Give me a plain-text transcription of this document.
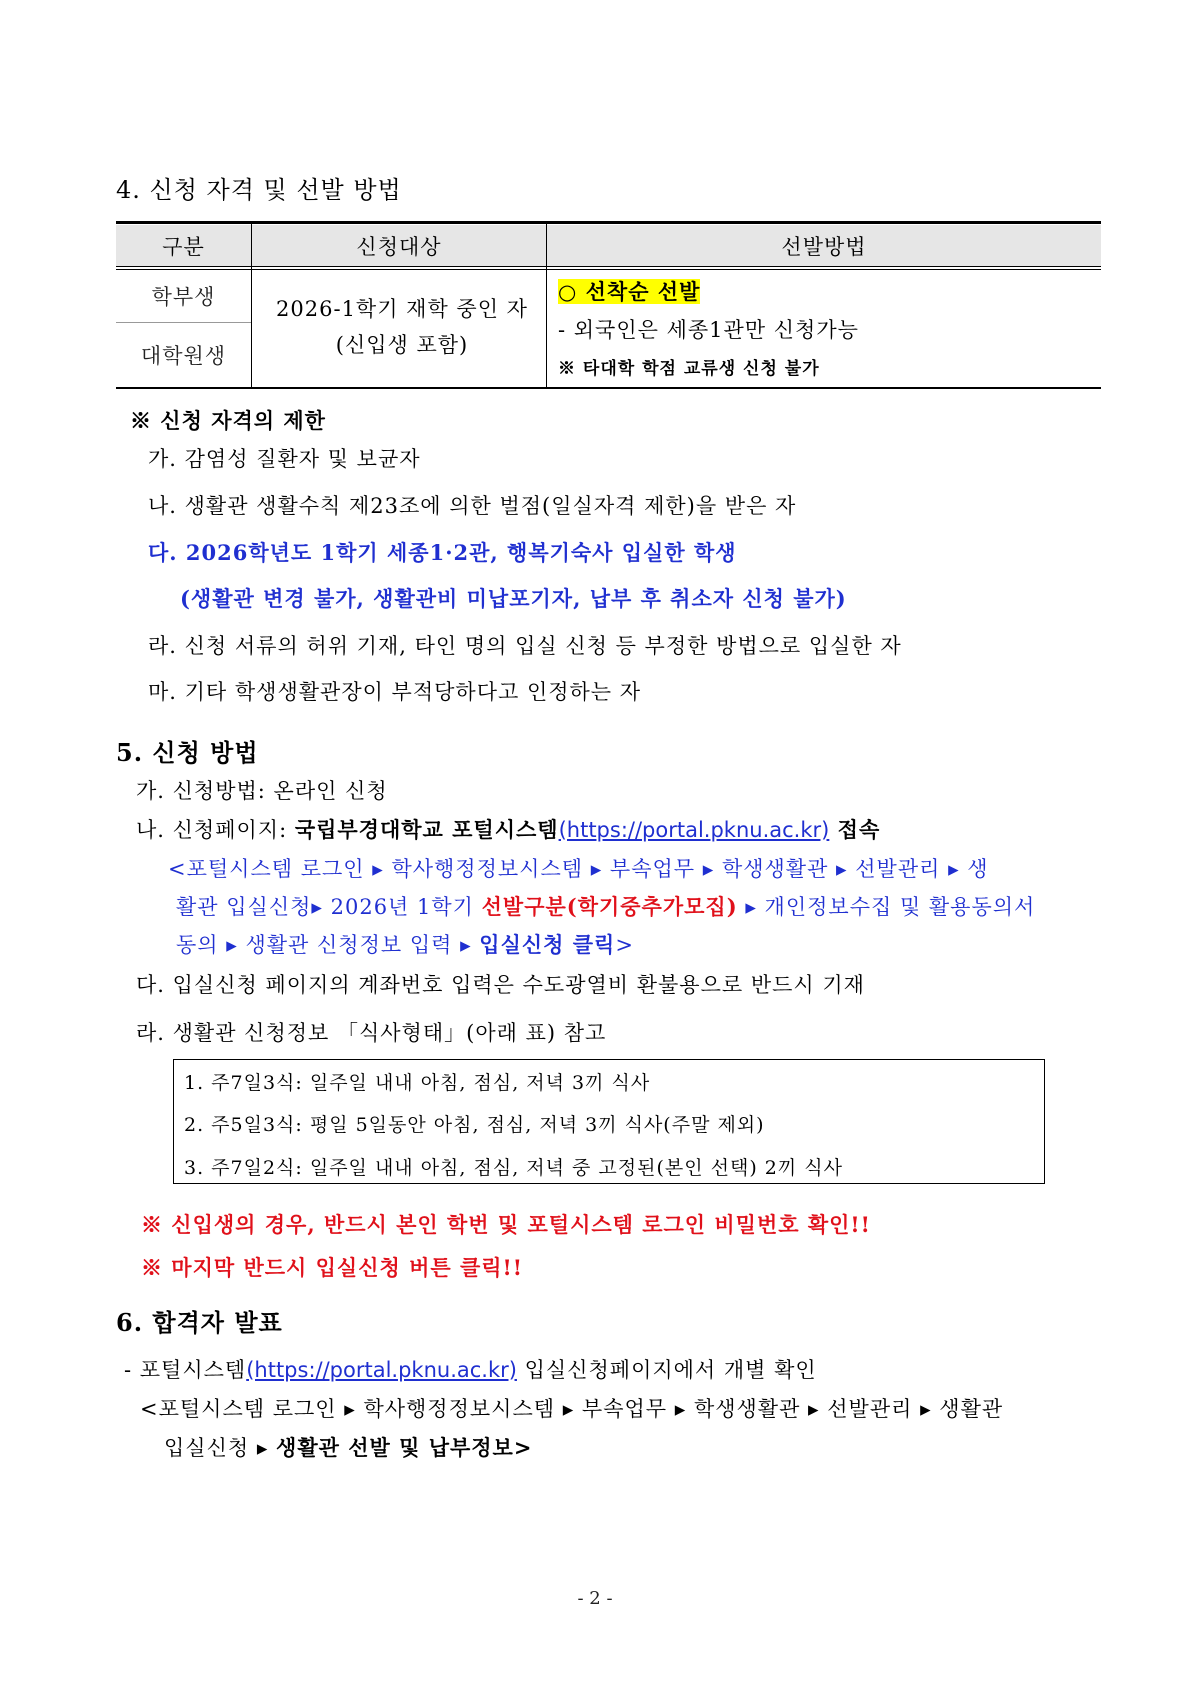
4. 신청 자격 및 선발 방법
구분	신청대상	선발방법
학부생
대학원생
2026-1학기 재학 중인 자
(신입생 포함)
○ 선착순 선발
- 외국인은 세종1관만 신청가능
※ 타대학 학점 교류생 신청 불가
※ 신청 자격의 제한
가. 감염성 질환자 및 보균자
나. 생활관 생활수칙 제23조에 의한 벌점(일실자격 제한)을 받은 자
다. 2026학년도 1학기 세종1·2관, 행복기숙사 입실한 학생
(생활관 변경 불가, 생활관비 미납포기자, 납부 후 취소자 신청 불가)
라. 신청 서류의 허위 기재, 타인 명의 입실 신청 등 부정한 방법으로 입실한 자
마. 기타 학생생활관장이 부적당하다고 인정하는 자
5. 신청 방법
가. 신청방법: 온라인 신청
나. 신청페이지: 국립부경대학교 포털시스템(https://portal.pknu.ac.kr) 접속
<포털시스템 로그인 ▸ 학사행정정보시스템 ▸ 부속업무 ▸ 학생생활관 ▸ 선발관리 ▸ 생
활관 입실신청▸ 2026년 1학기 선발구분(학기중추가모집) ▸ 개인정보수집 및 활용동의서
동의 ▸ 생활관 신청정보 입력 ▸ 입실신청 클릭>
다. 입실신청 페이지의 계좌번호 입력은 수도광열비 환불용으로 반드시 기재
라. 생활관 신청정보 「식사형태」(아래 표) 참고
1. 주7일3식: 일주일 내내 아침, 점심, 저녁 3끼 식사
2. 주5일3식: 평일 5일동안 아침, 점심, 저녁 3끼 식사(주말 제외)
3. 주7일2식: 일주일 내내 아침, 점심, 저녁 중 고정된(본인 선택) 2끼 식사
※ 신입생의 경우, 반드시 본인 학번 및 포털시스템 로그인 비밀번호 확인!!
※ 마지막 반드시 입실신청 버튼 클릭!!
6. 합격자 발표
- 포털시스템(https://portal.pknu.ac.kr) 입실신청페이지에서 개별 확인
<포털시스템 로그인 ▸ 학사행정정보시스템 ▸ 부속업무 ▸ 학생생활관 ▸ 선발관리 ▸ 생활관
입실신청 ▸ 생활관 선발 및 납부정보>
- 2 -
